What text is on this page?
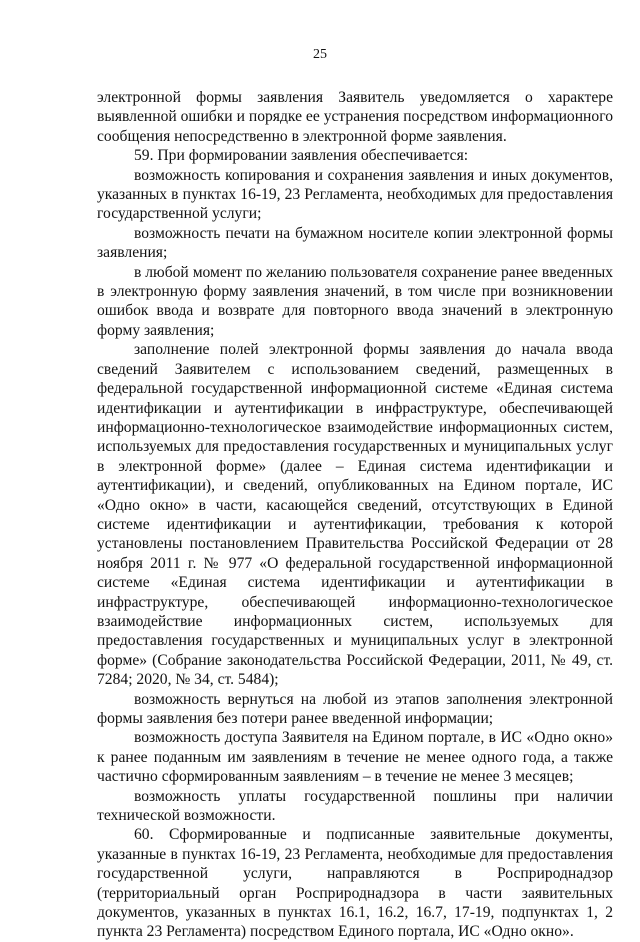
25

электронной формы заявления Заявитель уведомляется о характере выявленной ошибки и порядке ее устранения посредством информационного сообщения непосредственно в электронной форме заявления.

59. При формировании заявления обеспечивается:

возможность копирования и сохранения заявления и иных документов, указанных в пунктах 16-19, 23 Регламента, необходимых для предоставления государственной услуги;

возможность печати на бумажном носителе копии электронной формы заявления;

в любой момент по желанию пользователя сохранение ранее введенных в электронную форму заявления значений, в том числе при возникновении ошибок ввода и возврате для повторного ввода значений в электронную форму заявления;

заполнение полей электронной формы заявления до начала ввода сведений Заявителем с использованием сведений, размещенных в федеральной государственной информационной системе «Единая система идентификации и аутентификации в инфраструктуре, обеспечивающей информационно-технологическое взаимодействие информационных систем, используемых для предоставления государственных и муниципальных услуг в электронной форме» (далее – Единая система идентификации и аутентификации), и сведений, опубликованных на Едином портале, ИС «Одно окно» в части, касающейся сведений, отсутствующих в Единой системе идентификации и аутентификации, требования к которой установлены постановлением Правительства Российской Федерации от 28 ноября 2011 г. № 977 «О федеральной государственной информационной системе «Единая система идентификации и аутентификации в инфраструктуре, обеспечивающей информационно-технологическое взаимодействие информационных систем, используемых для предоставления государственных и муниципальных услуг в электронной форме» (Собрание законодательства Российской Федерации, 2011, № 49, ст. 7284; 2020, № 34, ст. 5484);

возможность вернуться на любой из этапов заполнения электронной формы заявления без потери ранее введенной информации;

возможность доступа Заявителя на Едином портале, в ИС «Одно окно» к ранее поданным им заявлениям в течение не менее одного года, а также частично сформированным заявлениям – в течение не менее 3 месяцев;

возможность уплаты государственной пошлины при наличии технической возможности.

60. Сформированные и подписанные заявительные документы, указанные в пунктах 16-19, 23 Регламента, необходимые для предоставления государственной услуги, направляются в Росприроднадзор (территориальный орган Росприроднадзора в части заявительных документов, указанных в пунктах 16.1, 16.2, 16.7, 17-19, подпунктах 1, 2 пункта 23 Регламента) посредством Единого портала, ИС «Одно окно».
